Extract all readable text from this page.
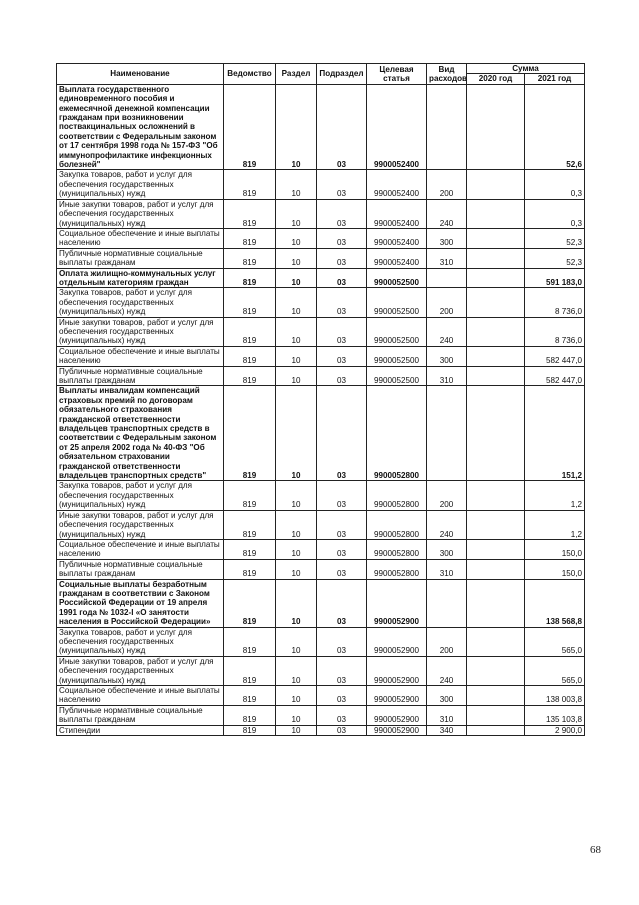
Наименование	Ведомство	Раздел	Подраздел	Целевая статья	Вид расходов	Сумма	
						2020 год	2021 год
Выплата государственного единовременного пособия и ежемесячной денежной компенсации гражданам при возникновении поствакцинальных осложнений в соответствии с Федеральным законом от 17 сентября 1998 года № 157-ФЗ "Об иммунопрофилактике инфекционных болезней"	819	10	03	9900052400			52,6
Закупка товаров, работ и услуг для обеспечения государственных (муниципальных) нужд	819	10	03	9900052400	200		0,3
Иные закупки товаров, работ и услуг для обеспечения государственных (муниципальных) нужд	819	10	03	9900052400	240		0,3
Социальное обеспечение и иные выплаты населению	819	10	03	9900052400	300		52,3
Публичные нормативные социальные выплаты гражданам	819	10	03	9900052400	310		52,3
Оплата жилищно-коммунальных услуг отдельным категориям граждан	819	10	03	9900052500			591 183,0
Закупка товаров, работ и услуг для обеспечения государственных (муниципальных) нужд	819	10	03	9900052500	200		8 736,0
Иные закупки товаров, работ и услуг для обеспечения государственных (муниципальных) нужд	819	10	03	9900052500	240		8 736,0
Социальное обеспечение и иные выплаты населению	819	10	03	9900052500	300		582 447,0
Публичные нормативные социальные выплаты гражданам	819	10	03	9900052500	310		582 447,0
Выплаты инвалидам компенсаций страховых премий по договорам обязательного страхования гражданской ответственности владельцев транспортных средств в соответствии с Федеральным законом от 25 апреля 2002 года № 40-ФЗ "Об обязательном страховании гражданской ответственности владельцев транспортных средств"	819	10	03	9900052800			151,2
Закупка товаров, работ и услуг для обеспечения государственных (муниципальных) нужд	819	10	03	9900052800	200		1,2
Иные закупки товаров, работ и услуг для обеспечения государственных (муниципальных) нужд	819	10	03	9900052800	240		1,2
Социальное обеспечение и иные выплаты населению	819	10	03	9900052800	300		150,0
Публичные нормативные социальные выплаты гражданам	819	10	03	9900052800	310		150,0
Социальные выплаты безработным гражданам в соответствии с Законом Российской Федерации от 19 апреля 1991 года № 1032-I «О занятости населения в Российской Федерации»	819	10	03	9900052900			138 568,8
Закупка товаров, работ и услуг для обеспечения государственных (муниципальных) нужд	819	10	03	9900052900	200		565,0
Иные закупки товаров, работ и услуг для обеспечения государственных (муниципальных) нужд	819	10	03	9900052900	240		565,0
Социальное обеспечение и иные выплаты населению	819	10	03	9900052900	300		138 003,8
Публичные нормативные социальные выплаты гражданам	819	10	03	9900052900	310		135 103,8
Стипендии	819	10	03	9900052900	340		2 900,0
68
